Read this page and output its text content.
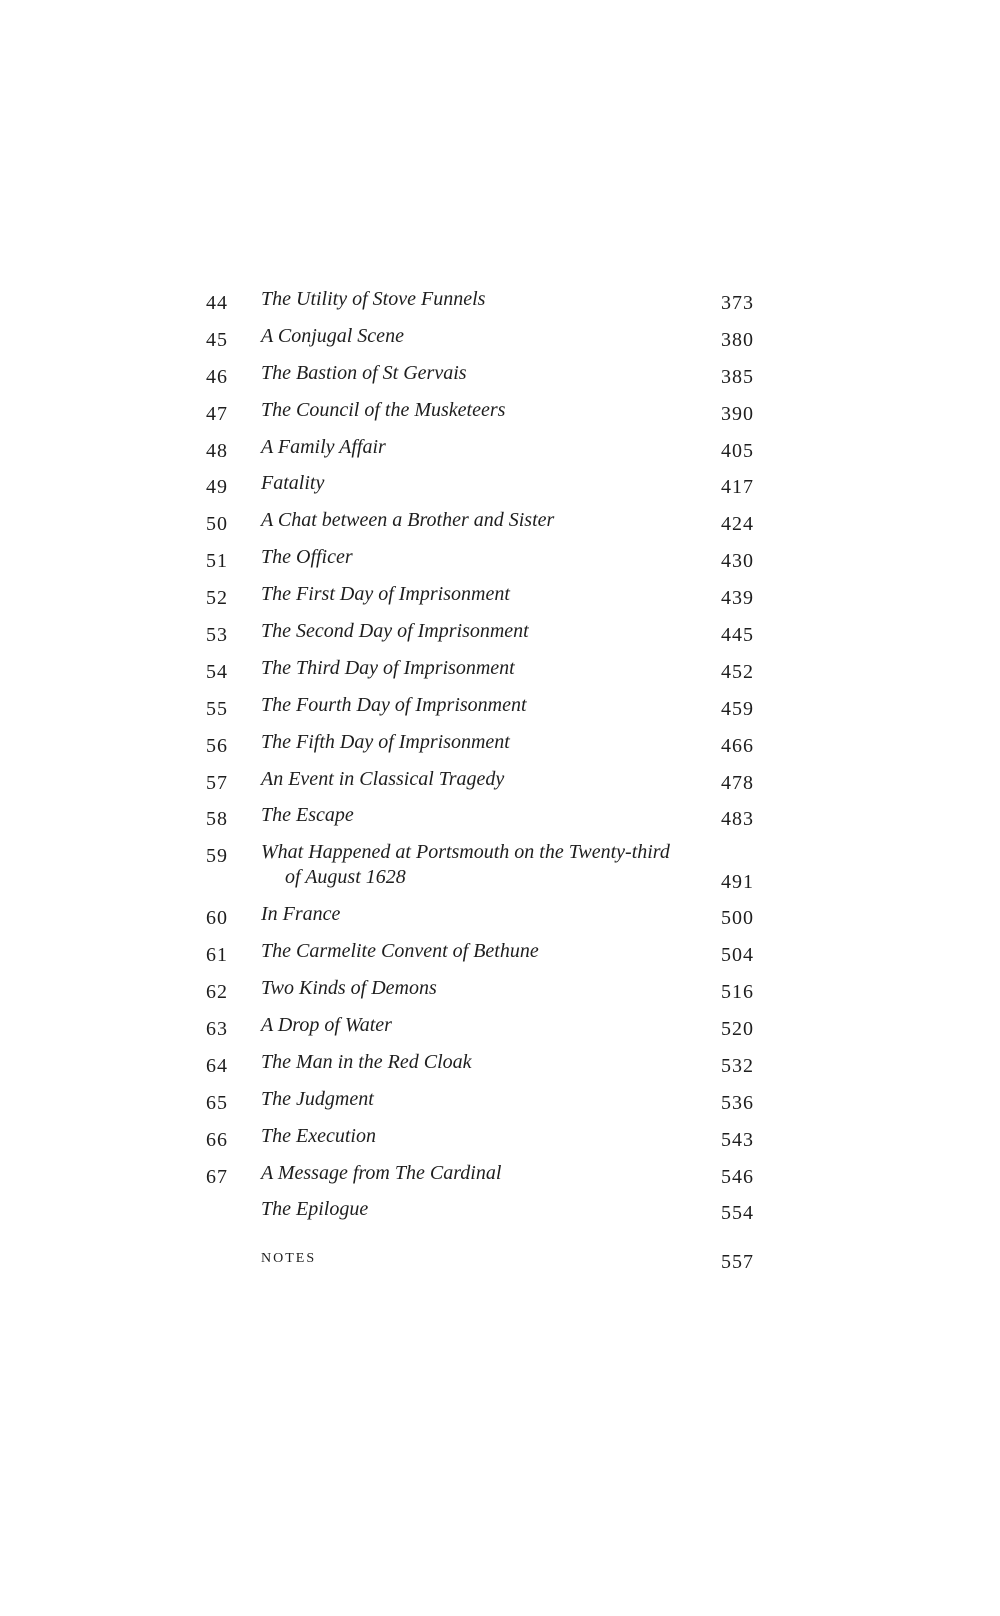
44 The Utility of Stove Funnels	373
45 A Conjugal Scene	380
46 The Bastion of St Gervais	385
47 The Council of the Musketeers	390
48 A Family Affair	405
49 Fatality	417
50 A Chat between a Brother and Sister	424
51 The Officer	430
52 The First Day of Imprisonment	439
53 The Second Day of Imprisonment	445
54 The Third Day of Imprisonment	452
55 The Fourth Day of Imprisonment	459
56 The Fifth Day of Imprisonment	466
57 An Event in Classical Tragedy	478
58 The Escape	483
59 What Happened at Portsmouth on the Twenty-third
of August 1628	491
60 In France	500
61 The Carmelite Convent of Bethune	504
62 Two Kinds of Demons	516
63 A Drop of Water	520
64 The Man in the Red Cloak	532
65 The Judgment	536
66 The Execution	543
67 A Message from The Cardinal	546
The Epilogue	554
NOTES	557
